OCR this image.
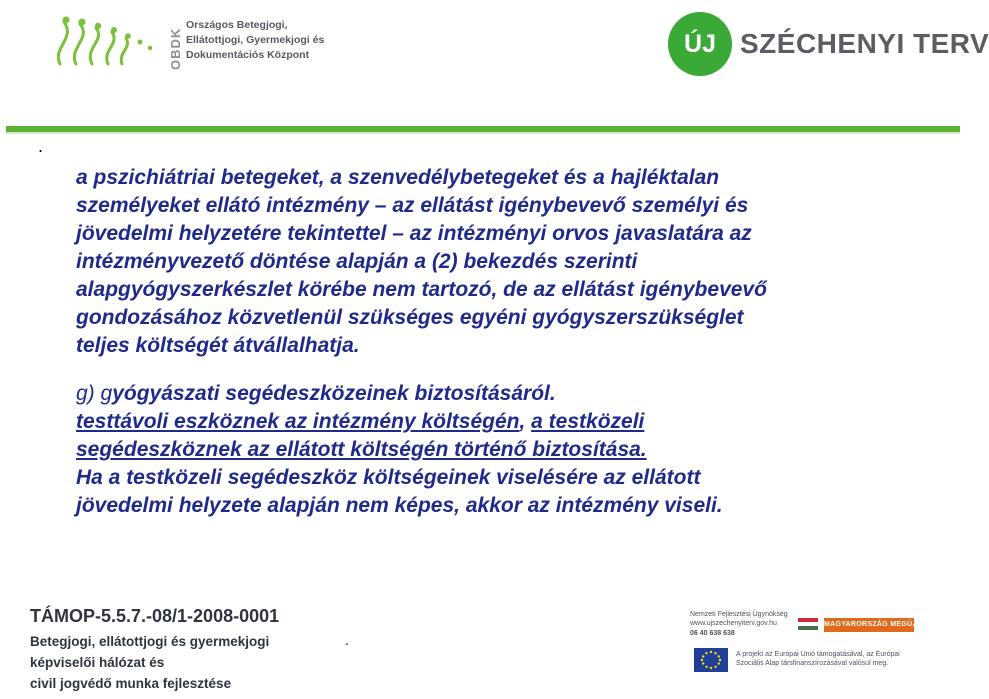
OBDK
Országos Betegjogi,
Ellátottjogi, Gyermekjogi és
Dokumentációs Központ	ÚJ SZÉCHENYI TERV
.
a pszichiátriai betegeket, a szenvedélybetegeket és a hajléktalan
személyeket ellátó intézmény – az ellátást igénybevevő személyi és
jövedelmi helyzetére tekintettel – az intézményi orvos javaslatára az
intézményvezető döntése alapján a (2) bekezdés szerinti
alapgyógyszerkészlet körébe nem tartozó, de az ellátást igénybevevő
gondozásához közvetlenül szükséges egyéni gyógyszerszükséglet
teljes költségét átvállalhatja.
g) gyógyászati segédeszközeinek biztosításáról.
testtávoli eszköznek az intézmény költségén, a testközeli
segédeszköznek az ellátott költségén történő biztosítása.
Ha a testközeli segédeszköz költségeinek viselésére az ellátott
jövedelmi helyzete alapján nem képes, akkor az intézmény viseli.
TÁMOP-5.5.7.-08/1-2008-0001
Betegjogi, ellátottjogi és gyermekjogi
képviselői hálózat és
civil jogvédő munka fejlesztése
.
Nemzeti Fejlesztési Ügynökség
www.ujszechenyiterv.gov.hu
06 40 638 638
MAGYARORSZÁG MEGÚJUL
A projekt az Európai Unió támogatásával, az Európai
Szociális Alap társfinanszírozásával valósul meg.
